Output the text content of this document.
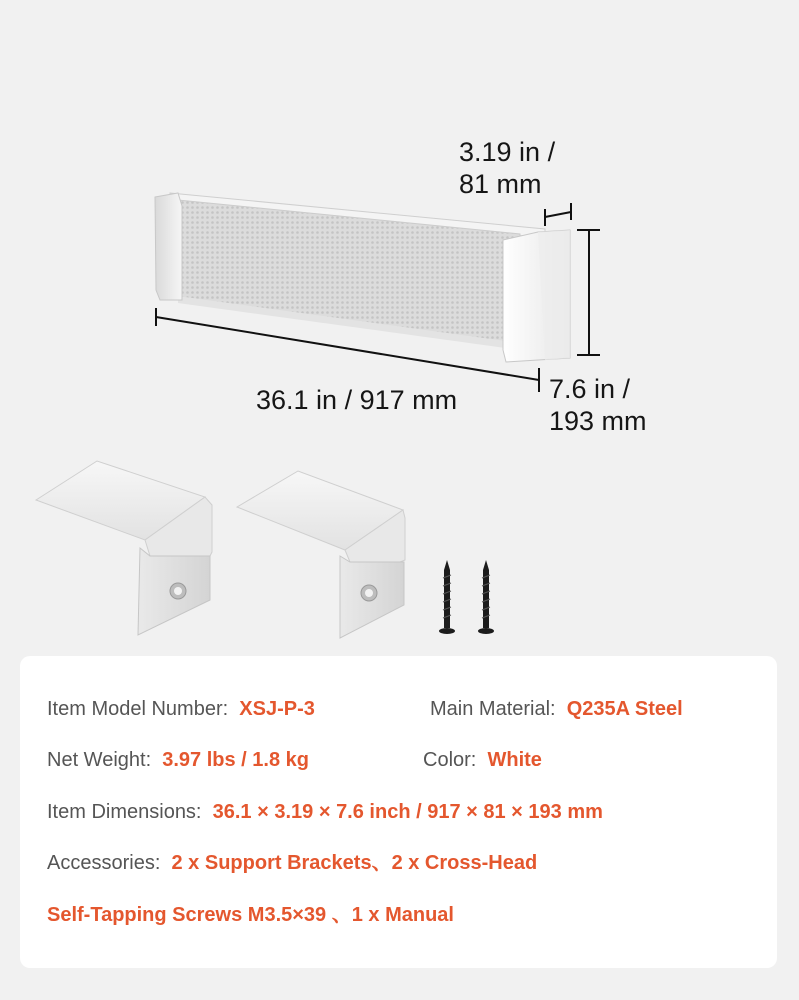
3.19 in /
81 mm
7.6 in /
193 mm
36.1 in / 917 mm
Item Model Number: XSJ-P-3	Main Material: Q235A Steel
Net Weight: 3.97 lbs / 1.8 kg	Color: White
Item Dimensions: 36.1 × 3.19 × 7.6 inch / 917 × 81 × 193 mm
Accessories: 2 x Support Brackets、2 x Cross-Head
Self-Tapping Screws M3.5×39 、1 x Manual
